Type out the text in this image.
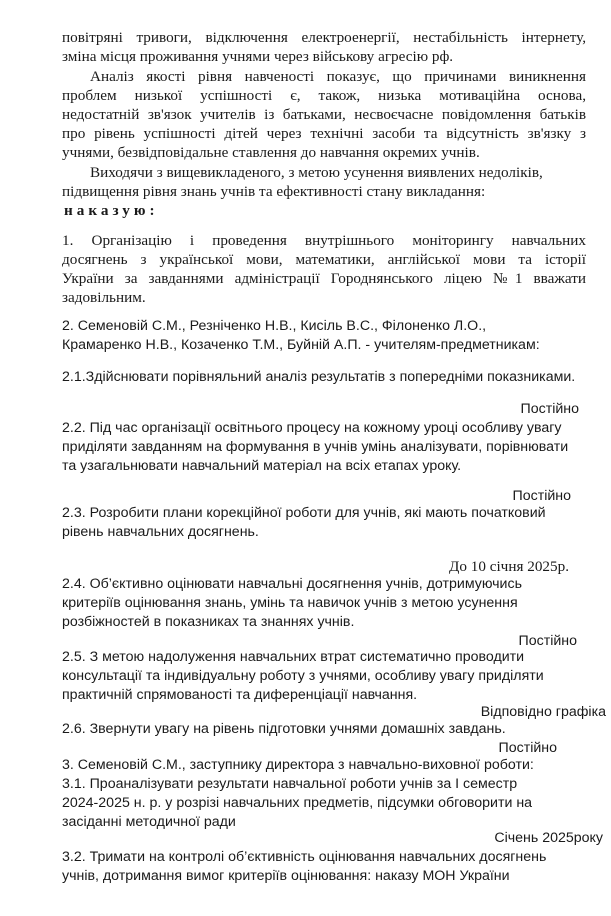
повітряні тривоги, відключення електроенергії, нестабільність інтернету,
зміна місця проживання учнями через військову агресію рф.
Аналіз якості рівня навченості показує, що причинами виникнення
проблем низької успішності є, також, низька мотиваційна основа,
недостатній зв'язок учителів із батьками, несвоєчасне повідомлення батьків
про рівень успішності дітей через технічні засоби та відсутність зв'язку з
учнями, безвідповідальне ставлення до навчання окремих учнів.
Виходячи з вищевикладеного, з метою усунення виявлених недоліків,
підвищення рівня знань учнів та ефективності стану викладання:
наказую:
1. Організацію і проведення внутрішнього моніторингу навчальних
досягнень з української мови, математики, англійської мови та історії
України за завданнями адміністрації Городнянського ліцею №1 вважати
задовільним.
2. Семеновій С.М., Резніченко Н.В., Кисіль В.С., Філоненко Л.О.,
Крамаренко Н.В., Козаченко Т.М., Буйній А.П. - учителям-предметникам:
2.1.Здійснювати порівняльний аналіз результатів з попередніми показниками.
Постійно
2.2. Під час організації освітнього процесу на кожному уроці особливу увагу
приділяти завданням на формування в учнів умінь аналізувати, порівнювати
та узагальнювати навчальний матеріал на всіх етапах уроку.
Постійно
2.3. Розробити плани корекційної роботи для учнів, які мають початковий
рівень навчальних досягнень.
До 10 січня 2025р.
2.4. Об’єктивно оцінювати навчальні досягнення учнів, дотримуючись
критеріїв оцінювання знань, умінь та навичок учнів з метою усунення
розбіжностей в показниках та знаннях учнів.
Постійно
2.5. З метою надолуження навчальних втрат систематично проводити
консультації та індивідуальну роботу з учнями, особливу увагу приділяти
практичній спрямованості та диференціації навчання.
Відповідно графіка
2.6. Звернути увагу на рівень підготовки учнями домашніх завдань.
Постійно
3. Семеновій С.М., заступнику директора з навчально-виховної роботи:
3.1. Проаналізувати результати навчальної роботи учнів за І семестр
2024-2025 н. р. у розрізі навчальних предметів, підсумки обговорити на
засіданні методичної ради
Січень 2025року
3.2. Тримати на контролі об’єктивність оцінювання навчальних досягнень
учнів, дотримання вимог критеріїв оцінювання: наказу МОН України
